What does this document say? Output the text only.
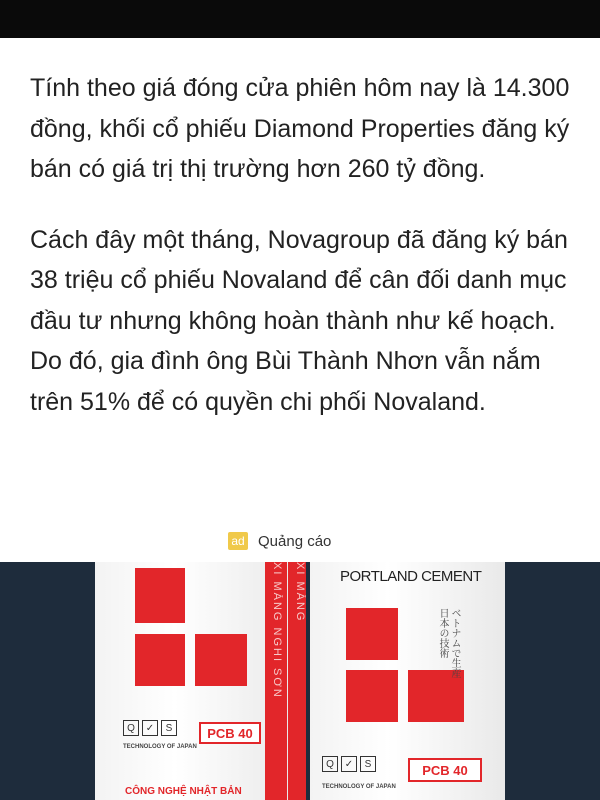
Tính theo giá đóng cửa phiên hôm nay là 14.300 đồng, khối cổ phiếu Diamond Properties đăng ký bán có giá trị thị trường hơn 260 tỷ đồng.

Cách đây một tháng, Novagroup đã đăng ký bán 38 triệu cổ phiếu Novaland để cân đối danh mục đầu tư nhưng không hoàn thành như kế hoạch. Do đó, gia đình ông Bùi Thành Nhơn vẫn nắm trên 51% để có quyền chi phối Novaland.

ad Quảng cáo
XI MĂNG NGHI SƠN
Q	✓	S	PCB 40
TECHNOLOGY OF JAPAN
CÔNG NGHỆ NHẬT BẢN
PORTLAND CEMENT
ベトナムで生産 日本の技術
Q	✓	S	PCB 40
TECHNOLOGY OF JAPAN
XI MĂNG
